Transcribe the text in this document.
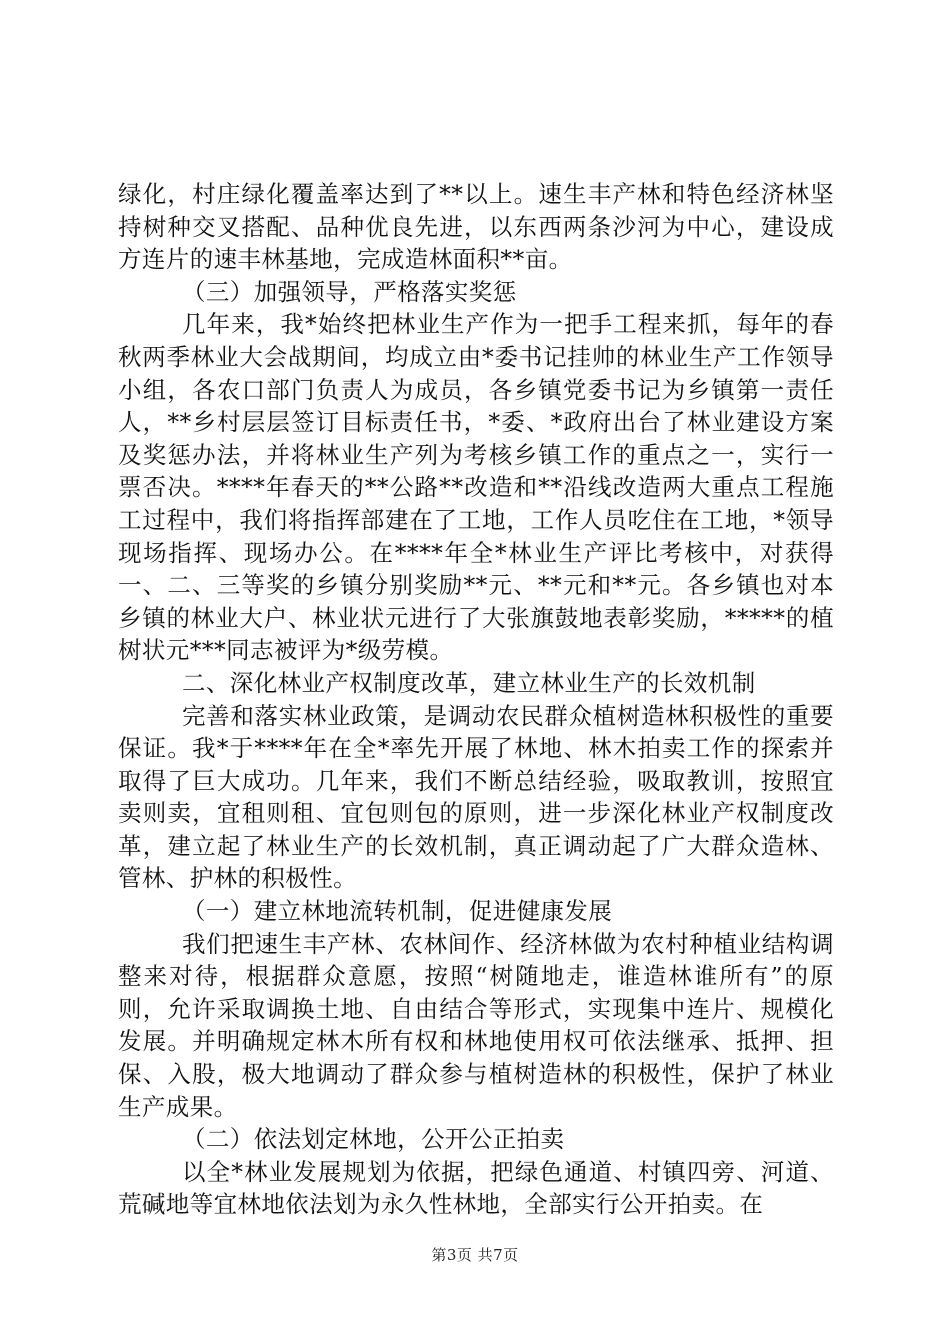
绿化，村庄绿化覆盖率达到了**以上。速生丰产林和特色经济林坚持树种交叉搭配、品种优良先进，以东西两条沙河为中心，建设成方连片的速丰林基地，完成造林面积**亩。

（三）加强领导，严格落实奖惩

几年来，我*始终把林业生产作为一把手工程来抓，每年的春秋两季林业大会战期间，均成立由*委书记挂帅的林业生产工作领导小组，各农口部门负责人为成员，各乡镇党委书记为乡镇第一责任人，**乡村层层签订目标责任书，*委、*政府出台了林业建设方案及奖惩办法，并将林业生产列为考核乡镇工作的重点之一，实行一票否决。****年春天的**公路**改造和**沿线改造两大重点工程施工过程中，我们将指挥部建在了工地，工作人员吃住在工地，*领导现场指挥、现场办公。在****年全*林业生产评比考核中，对获得一、二、三等奖的乡镇分别奖励**元、**元和**元。各乡镇也对本乡镇的林业大户、林业状元进行了大张旗鼓地表彰奖励，*****的植树状元***同志被评为*级劳模。

二、深化林业产权制度改革，建立林业生产的长效机制

完善和落实林业政策，是调动农民群众植树造林积极性的重要保证。我*于****年在全*率先开展了林地、林木拍卖工作的探索并取得了巨大成功。几年来，我们不断总结经验，吸取教训，按照宜卖则卖，宜租则租、宜包则包的原则，进一步深化林业产权制度改革，建立起了林业生产的长效机制，真正调动起了广大群众造林、管林、护林的积极性。

（一）建立林地流转机制，促进健康发展

我们把速生丰产林、农林间作、经济林做为农村种植业结构调整来对待，根据群众意愿，按照“树随地走，谁造林谁所有”的原则，允许采取调换土地、自由结合等形式，实现集中连片、规模化发展。并明确规定林木所有权和林地使用权可依法继承、抵押、担保、入股，极大地调动了群众参与植树造林的积极性，保护了林业生产成果。

（二）依法划定林地，公开公正拍卖

以全*林业发展规划为依据，把绿色通道、村镇四旁、河道、荒碱地等宜林地依法划为永久性林地，全部实行公开拍卖。在

第3页 共7页
